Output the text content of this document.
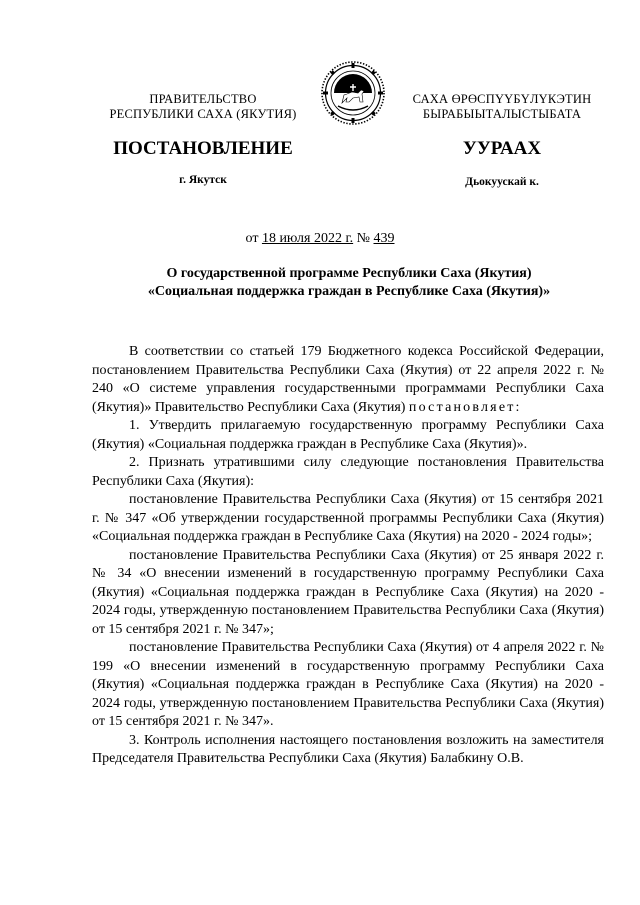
ПРАВИТЕЛЬСТВО
РЕСПУБЛИКИ САХА (ЯКУТИЯ)
САХА ӨРӨСПҮҮБҮЛҮКЭТИН
БЫРАБЫЫТАЛЫСТЫБАТА
ПОСТАНОВЛЕНИЕ	УУРААХ
г. Якутск	Дьокуускай к.
от 18 июля 2022 г. № 439
О государственной программе Республики Саха (Якутия)
«Социальная поддержка граждан в Республике Саха (Якутия)»

В соответствии со статьей 179 Бюджетного кодекса Российской Федерации, постановлением Правительства Республики Саха (Якутия) от 22 апреля 2022 г. № 240 «О системе управления государственными программами Республики Саха (Якутия)» Правительство Республики Саха (Якутия) постановляет:

1. Утвердить прилагаемую государственную программу Республики Саха (Якутия) «Социальная поддержка граждан в Республике Саха (Якутия)».

2. Признать утратившими силу следующие постановления Правительства Республики Саха (Якутия):

постановление Правительства Республики Саха (Якутия) от 15 сентября 2021 г. № 347 «Об утверждении государственной программы Республики Саха (Якутия) «Социальная поддержка граждан в Республике Саха (Якутия) на 2020 - 2024 годы»;

постановление Правительства Республики Саха (Якутия) от 25 января 2022 г. № 34 «О внесении изменений в государственную программу Республики Саха (Якутия) «Социальная поддержка граждан в Республике Саха (Якутия) на 2020 - 2024 годы, утвержденную постановлением Правительства Республики Саха (Якутия) от 15 сентября 2021 г. № 347»;

постановление Правительства Республики Саха (Якутия) от 4 апреля 2022 г. № 199 «О внесении изменений в государственную программу Республики Саха (Якутия) «Социальная поддержка граждан в Республике Саха (Якутия) на 2020 - 2024 годы, утвержденную постановлением Правительства Республики Саха (Якутия) от 15 сентября 2021 г. № 347».

3. Контроль исполнения настоящего постановления возложить на заместителя Председателя Правительства Республики Саха (Якутия) Балабкину О.В.
